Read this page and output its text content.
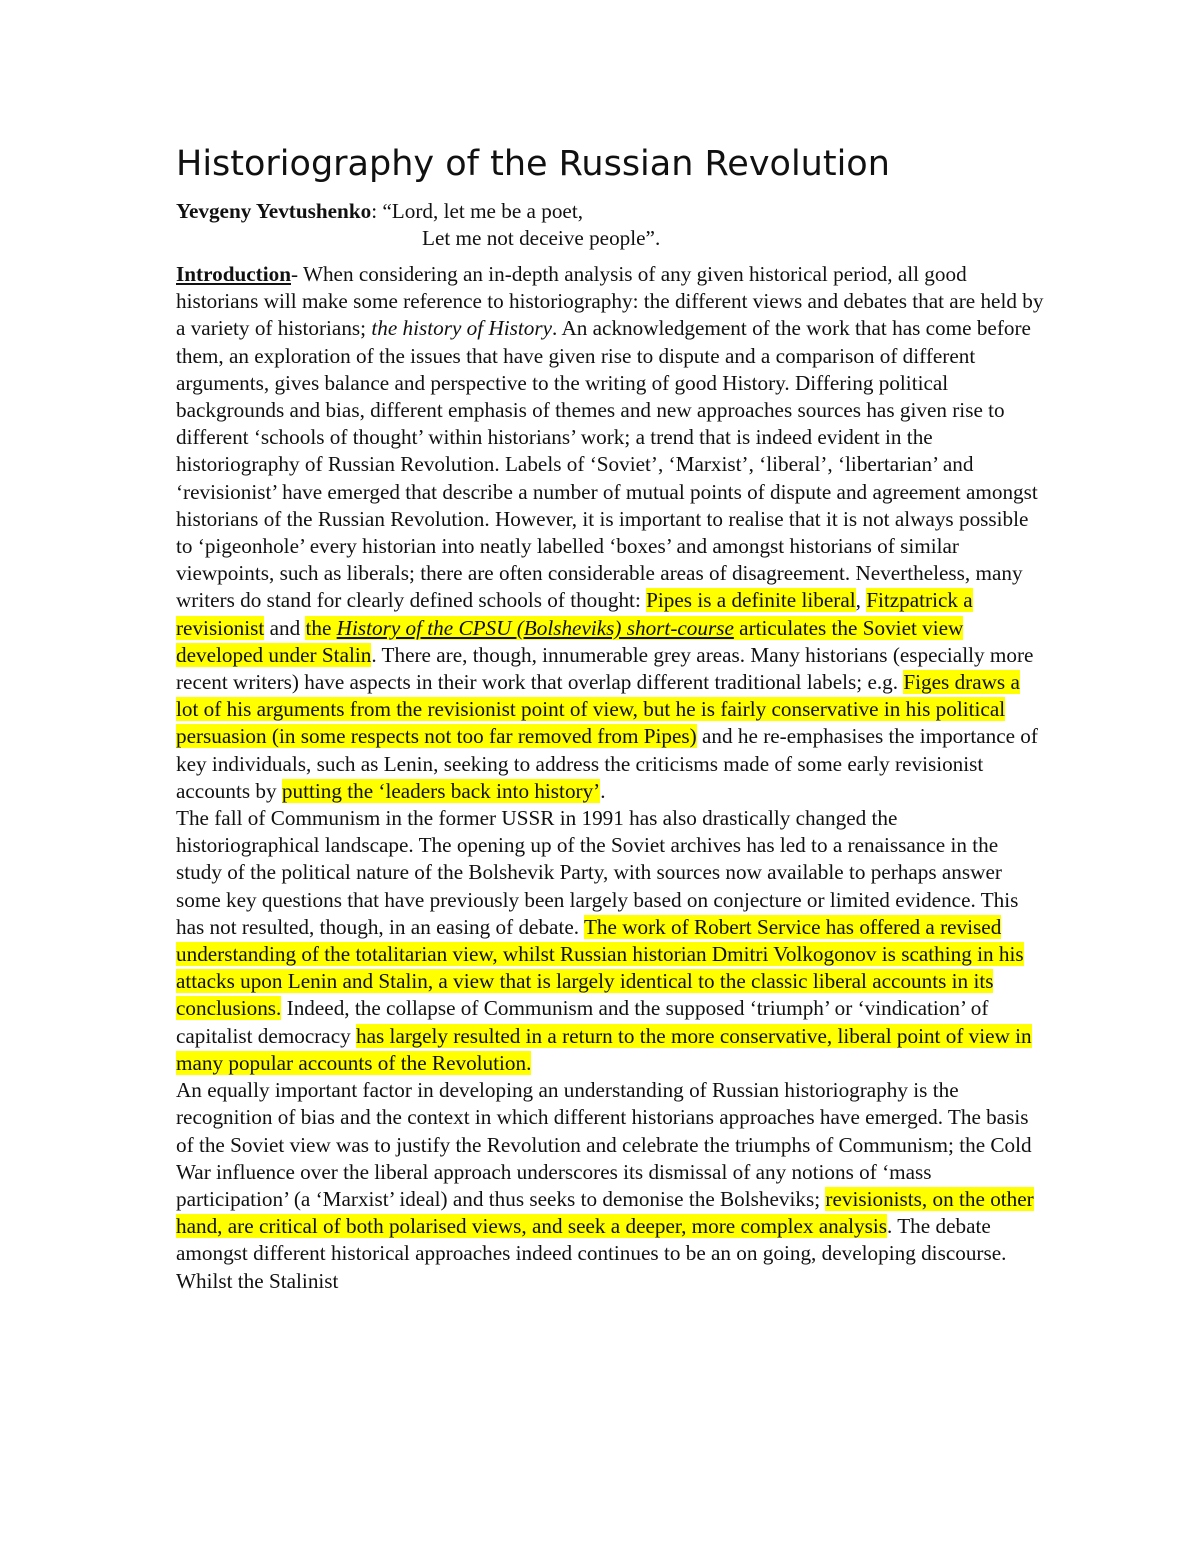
Historiography of the Russian Revolution
Yevgeny Yevtushenko: “Lord, let me be a poet,
Let me not deceive people”.

Introduction- When considering an in-depth analysis of any given historical period, all good historians will make some reference to historiography: the different views and debates that are held by a variety of historians; the history of History. An acknowledgement of the work that has come before them, an exploration of the issues that have given rise to dispute and a comparison of different arguments, gives balance and perspective to the writing of good History. Differing political backgrounds and bias, different emphasis of themes and new approaches sources has given rise to different ‘schools of thought’ within historians’ work; a trend that is indeed evident in the historiography of Russian Revolution. Labels of ‘Soviet’, ‘Marxist’, ‘liberal’, ‘libertarian’ and ‘revisionist’ have emerged that describe a number of mutual points of dispute and agreement amongst historians of the Russian Revolution. However, it is important to realise that it is not always possible to ‘pigeonhole’ every historian into neatly labelled ‘boxes’ and amongst historians of similar viewpoints, such as liberals; there are often considerable areas of disagreement. Nevertheless, many writers do stand for clearly defined schools of thought: Pipes is a definite liberal, Fitzpatrick a revisionist and the History of the CPSU (Bolsheviks) short-course articulates the Soviet view developed under Stalin. There are, though, innumerable grey areas. Many historians (especially more recent writers) have aspects in their work that overlap different traditional labels; e.g. Figes draws a lot of his arguments from the revisionist point of view, but he is fairly conservative in his political persuasion (in some respects not too far removed from Pipes) and he re-emphasises the importance of key individuals, such as Lenin, seeking to address the criticisms made of some early revisionist accounts by putting the ‘leaders back into history’.

The fall of Communism in the former USSR in 1991 has also drastically changed the historiographical landscape. The opening up of the Soviet archives has led to a renaissance in the study of the political nature of the Bolshevik Party, with sources now available to perhaps answer some key questions that have previously been largely based on conjecture or limited evidence. This has not resulted, though, in an easing of debate. The work of Robert Service has offered a revised understanding of the totalitarian view, whilst Russian historian Dmitri Volkogonov is scathing in his attacks upon Lenin and Stalin, a view that is largely identical to the classic liberal accounts in its conclusions. Indeed, the collapse of Communism and the supposed ‘triumph’ or ‘vindication’ of capitalist democracy has largely resulted in a return to the more conservative, liberal point of view in many popular accounts of the Revolution.

An equally important factor in developing an understanding of Russian historiography is the recognition of bias and the context in which different historians approaches have emerged. The basis of the Soviet view was to justify the Revolution and celebrate the triumphs of Communism; the Cold War influence over the liberal approach underscores its dismissal of any notions of ‘mass participation’ (a ‘Marxist’ ideal) and thus seeks to demonise the Bolsheviks; revisionists, on the other hand, are critical of both polarised views, and seek a deeper, more complex analysis. The debate amongst different historical approaches indeed continues to be an on going, developing discourse. Whilst the Stalinist
